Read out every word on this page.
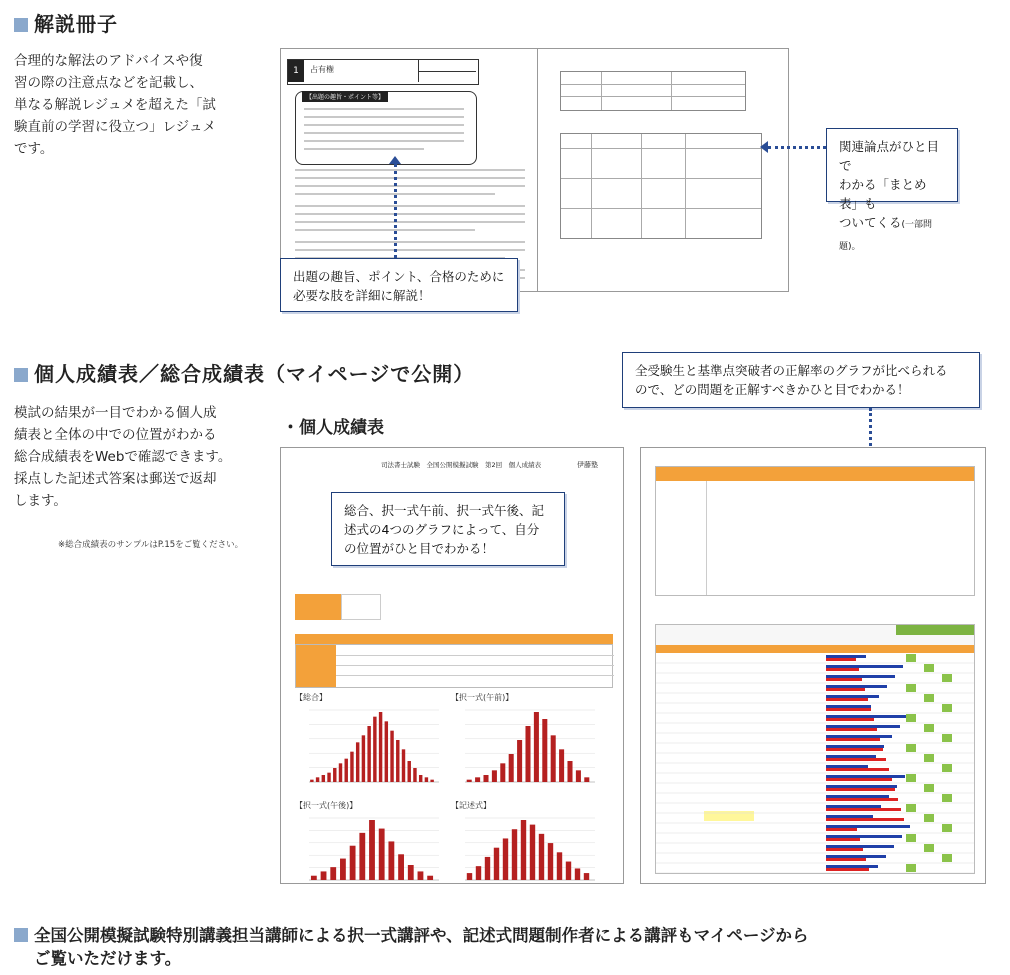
解説冊子
合理的な解法のアドバイスや復
習の際の注意点などを記載し、
単なる解説レジュメを超えた「試
験直前の学習に役立つ」レジュメ
です。
1	占有権
【出題の趣旨・ポイント等】
出題の趣旨、ポイント、合格のために
必要な肢を詳細に解説！
関連論点がひと目で
わかる「まとめ表」も
ついてくる(一部問題)。
個人成績表／総合成績表（マイページで公開）
模試の結果が一目でわかる個人成
績表と全体の中での位置がわかる
総合成績表をWebで確認できます。
採点した記述式答案は郵送で返却
します。
※総合成績表のサンプルはP.15をご覧ください。
・個人成績表
全受験生と基準点突破者の正解率のグラフが比べられる
ので、どの問題を正解すべきかひと目でわかる！
司法書士試験　全国公開模擬試験　第2回　個人成績表	伊藤塾
【総合】	【択一式(午前)】
【択一式(午後)】	【記述式】
総合、択一式午前、択一式午後、記
述式の4つのグラフによって、自分
の位置がひと目でわかる！
全国公開模擬試験特別講義担当講師による択一式講評や、記述式問題制作者による講評もマイページから
ご覧いただけます。
